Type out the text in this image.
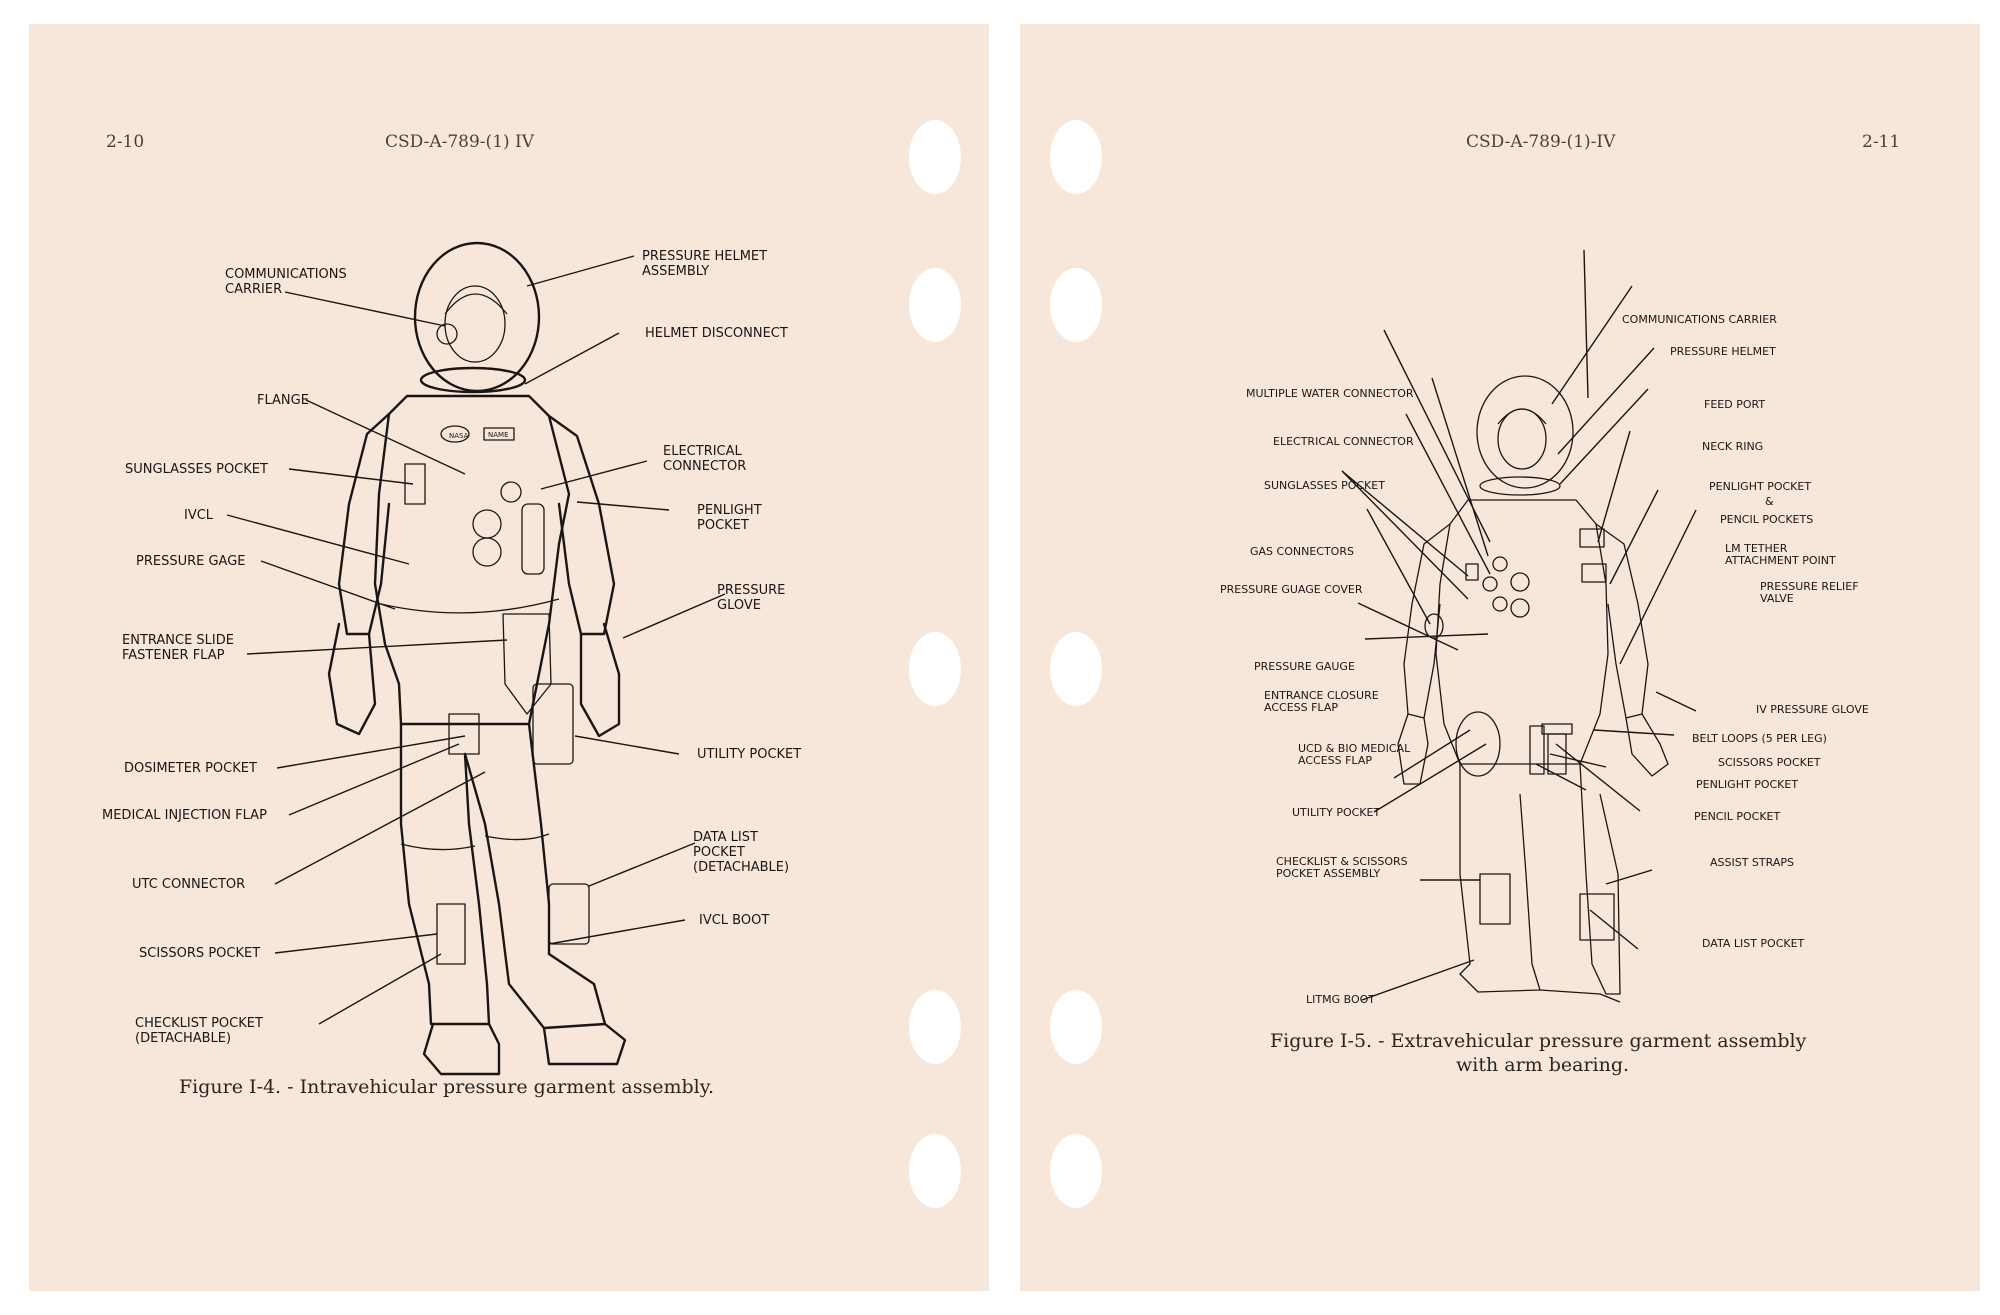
2-10	CSD-A-789-(1) IV
NASA	NAME
COMMUNICATIONS
CARRIER
PRESSURE HELMET
ASSEMBLY
HELMET DISCONNECT
FLANGE
SUNGLASSES POCKET
ELECTRICAL
CONNECTOR
IVCL	PENLIGHT
POCKET
PRESSURE GAGE
PRESSURE
GLOVE
ENTRANCE SLIDE
FASTENER FLAP
DOSIMETER POCKET
UTILITY POCKET
MEDICAL INJECTION FLAP
DATA LIST
POCKET
(DETACHABLE)
UTC CONNECTOR
IVCL BOOT
SCISSORS POCKET
CHECKLIST POCKET
(DETACHABLE)
Figure I-4. - Intravehicular pressure garment assembly.
CSD-A-789-(1)-IV	2-11
COMMUNICATIONS CARRIER
PRESSURE HELMET
MULTIPLE WATER CONNECTOR
FEED PORT
ELECTRICAL CONNECTOR	NECK RING
SUNGLASSES POCKET	PENLIGHT POCKET
&
PENCIL POCKETS
GAS CONNECTORS	LM TETHER
ATTACHMENT POINT
PRESSURE GUAGE COVER	PRESSURE RELIEF
VALVE
PRESSURE GAUGE
ENTRANCE CLOSURE
ACCESS FLAP	IV PRESSURE GLOVE
BELT LOOPS (5 PER LEG)
UCD & BIO MEDICAL
ACCESS FLAP	SCISSORS POCKET
PENLIGHT POCKET
UTILITY POCKET	PENCIL POCKET
CHECKLIST & SCISSORS
POCKET ASSEMBLY
ASSIST STRAPS
DATA LIST POCKET
LITMG BOOT
Figure I-5. - Extravehicular pressure garment assembly
with arm bearing.
